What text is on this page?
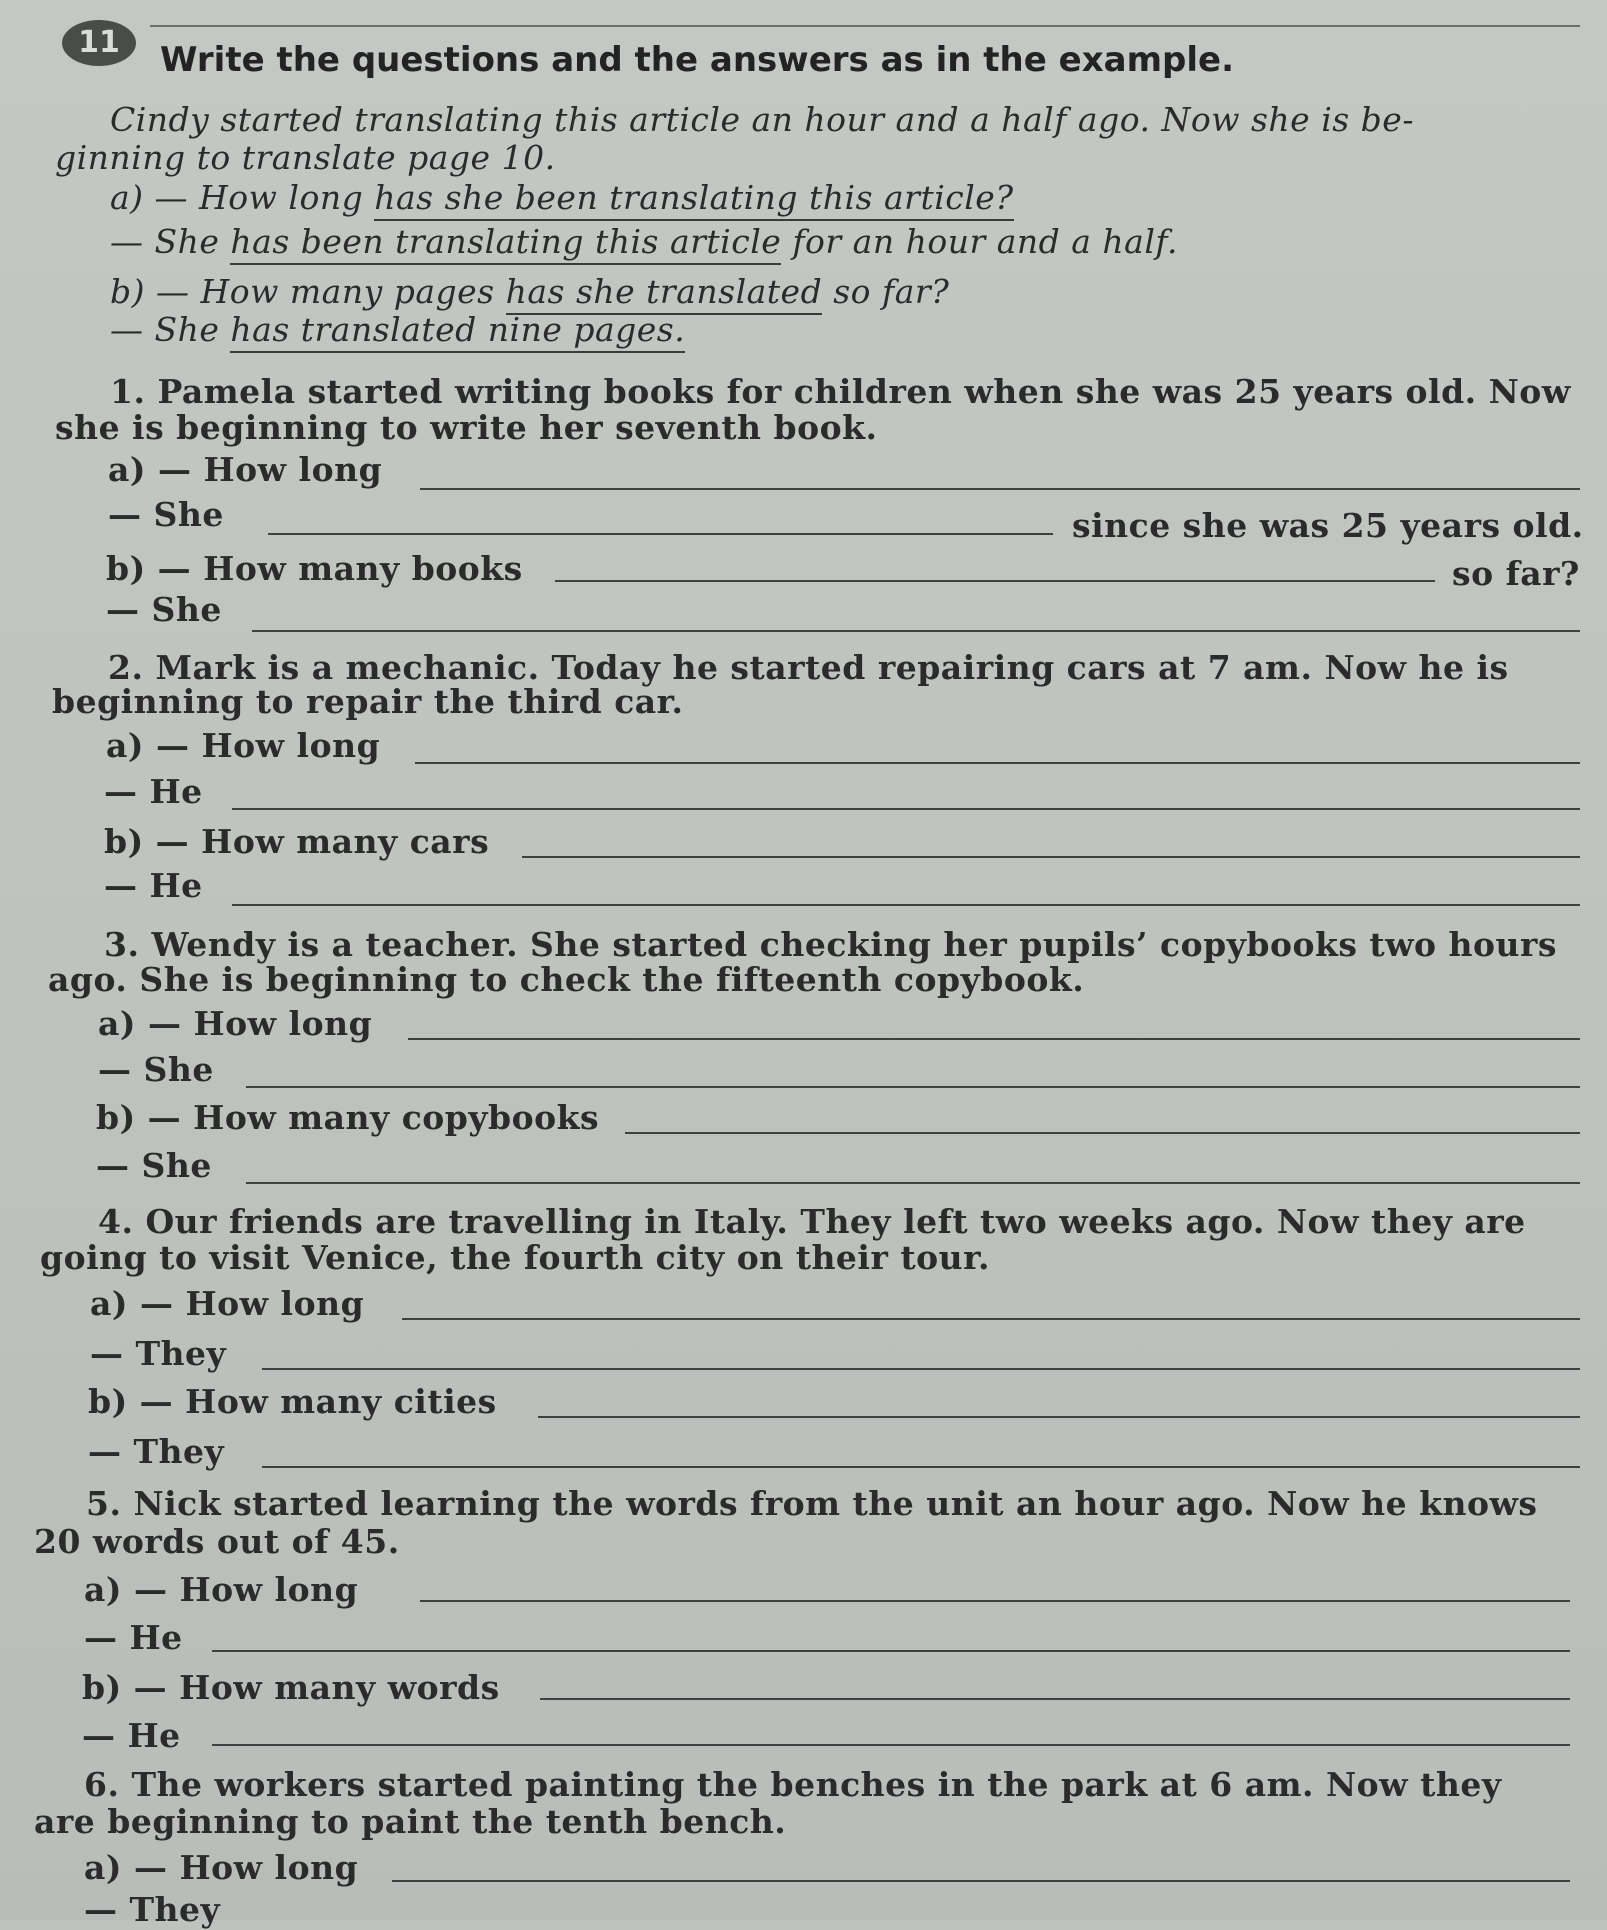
11	Write the questions and the answers as in the example.
Cindy started translating this article an hour and a half ago. Now she is be-
ginning to translate page 10.
a) — How long has she been translating this article?
— She has been translating this article for an hour and a half.
b) — How many pages has she translated so far?
— She has translated nine pages.
1. Pamela started writing books for children when she was 25 years old. Now
she is beginning to write her seventh book.
a) — How long
— She	since she was 25 years old.
b) — How many books	so far?
— She
2. Mark is a mechanic. Today he started repairing cars at 7 am. Now he is
beginning to repair the third car.
a) — How long
— He
b) — How many cars
— He
3. Wendy is a teacher. She started checking her pupils’ copybooks two hours
ago. She is beginning to check the fifteenth copybook.
a) — How long
— She
b) — How many copybooks
— She
4. Our friends are travelling in Italy. They left two weeks ago. Now they are
going to visit Venice, the fourth city on their tour.
a) — How long
— They
b) — How many cities
— They
5. Nick started learning the words from the unit an hour ago. Now he knows
20 words out of 45.
a) — How long
— He
b) — How many words
— He
6. The workers started painting the benches in the park at 6 am. Now they
are beginning to paint the tenth bench.
a) — How long
— They
